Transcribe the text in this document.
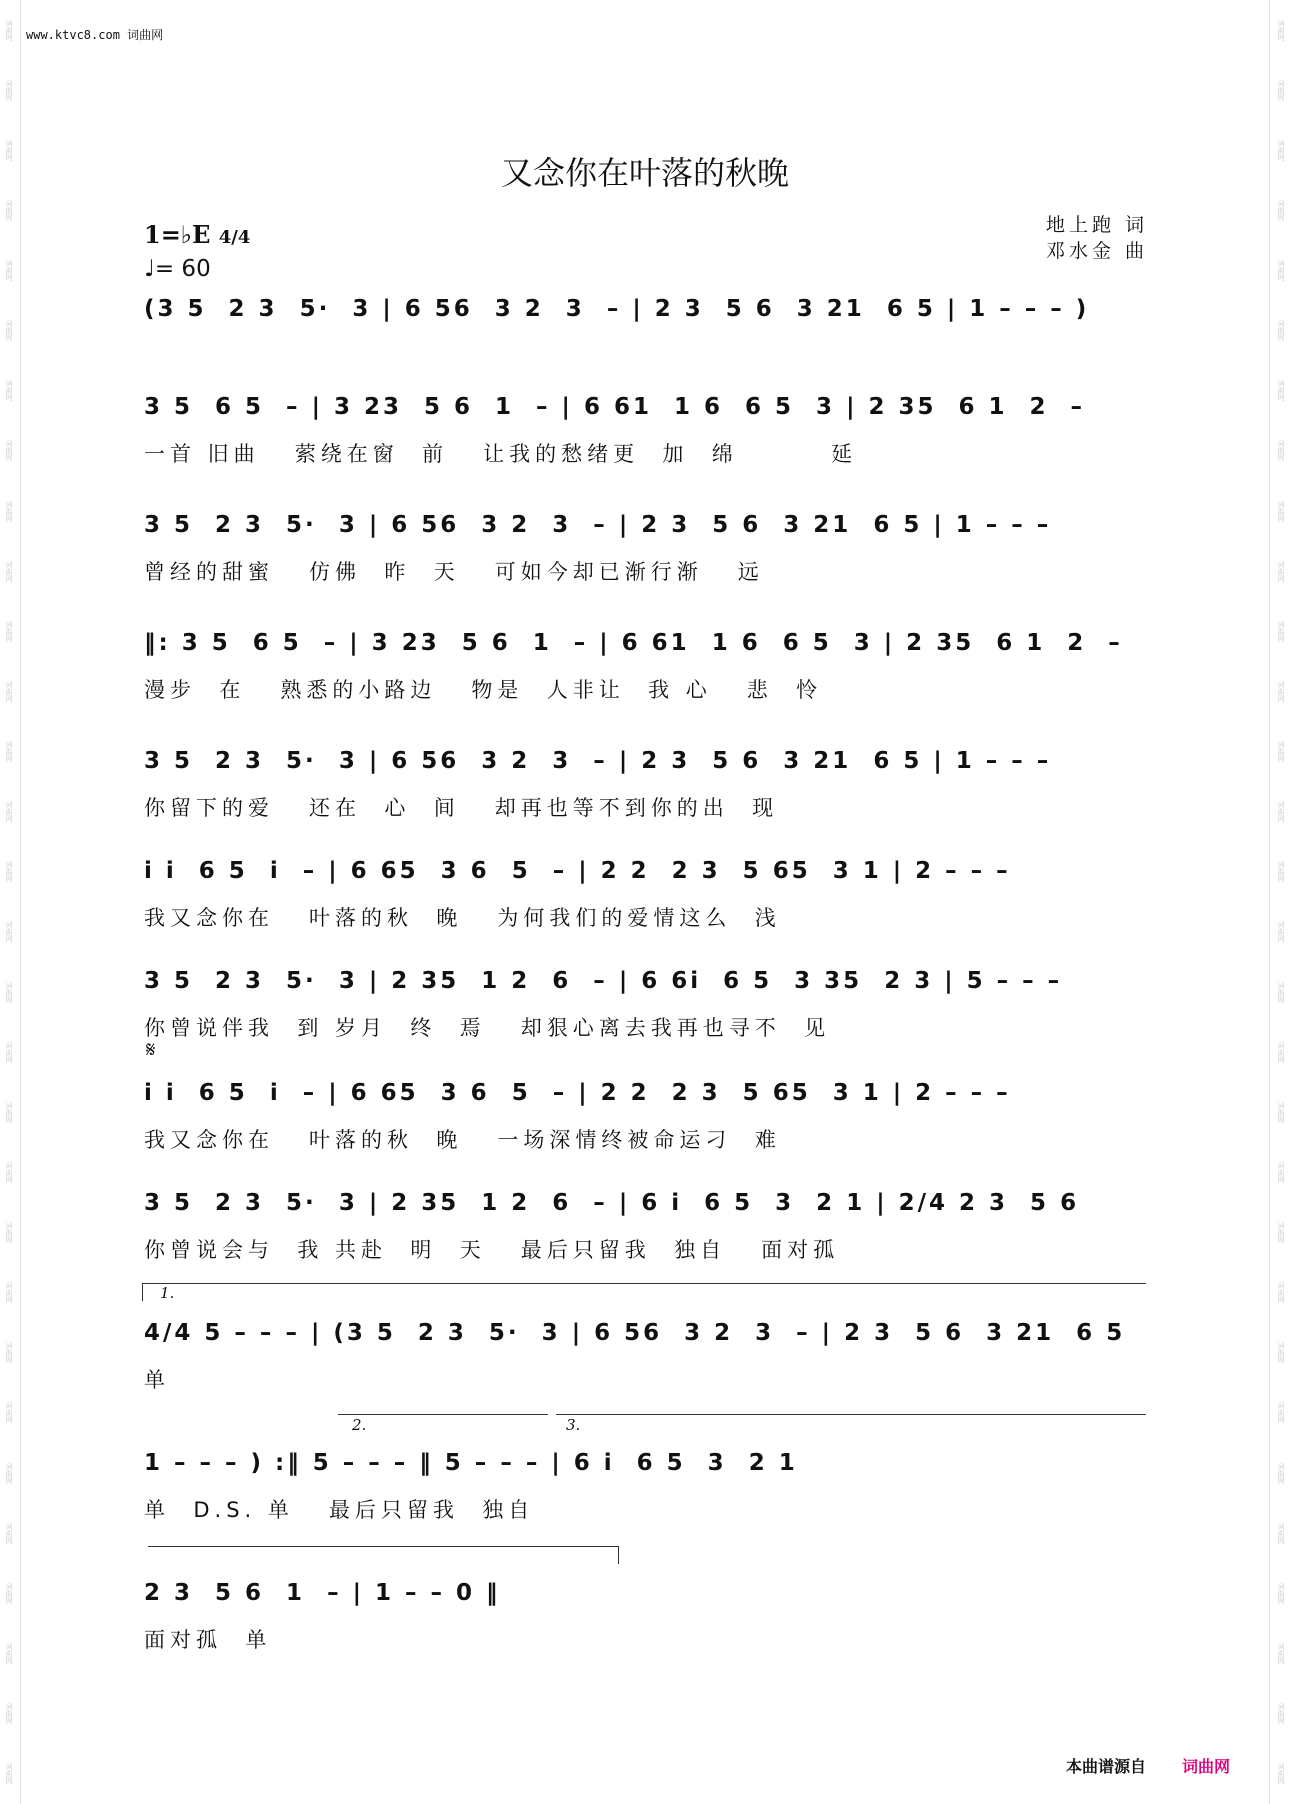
词曲网
词曲网
词曲网
词曲网
词曲网
词曲网
词曲网
词曲网
词曲网
词曲网
词曲网
词曲网
词曲网
词曲网
词曲网
词曲网
词曲网
词曲网
词曲网
词曲网
词曲网
词曲网
词曲网
词曲网
词曲网
词曲网
词曲网
词曲网
词曲网
词曲网
词曲网
词曲网
词曲网
词曲网
词曲网
词曲网
词曲网
词曲网
词曲网
词曲网
词曲网
词曲网
词曲网
词曲网
词曲网
词曲网
词曲网
词曲网
词曲网
词曲网
词曲网
词曲网
词曲网
词曲网
词曲网
词曲网
词曲网
词曲网
词曲网
词曲网
www.ktvc8.com 词曲网
又念你在叶落的秋晚
地上跑 词
邓水金 曲
1=♭E 4/4
♩= 60
𝄋
1.
2.	3.
(3 5  2 3  5·  3 | 6 56  3 2  3  – | 2 3  5 6  3 21  6 5 | 1 – – – )
3 5  6 5  – | 3 23  5 6  1  – | 6 61  1 6  6 5  3 | 2 35  6 1  2  –
一首 旧曲   萦绕在窗  前   让我的愁绪更  加  绵        延
3 5  2 3  5·  3 | 6 56  3 2  3  – | 2 3  5 6  3 21  6 5 | 1 – – –
曾经的甜蜜   仿佛  昨  天   可如今却已渐行渐   远
‖: 3 5  6 5  – | 3 23  5 6  1  – | 6 61  1 6  6 5  3 | 2 35  6 1  2  –
漫步  在   熟悉的小路边   物是  人非让  我 心   悲  怜
3 5  2 3  5·  3 | 6 56  3 2  3  – | 2 3  5 6  3 21  6 5 | 1 – – –
你留下的爱   还在  心  间   却再也等不到你的出  现
i i  6 5  i  – | 6 65  3 6  5  – | 2 2  2 3  5 65  3 1 | 2 – – –
我又念你在   叶落的秋  晚   为何我们的爱情这么  浅
3 5  2 3  5·  3 | 2 35  1 2  6  – | 6 6i  6 5  3 35  2 3 | 5 – – –
你曾说伴我  到 岁月  终  焉   却狠心离去我再也寻不  见
i i  6 5  i  – | 6 65  3 6  5  – | 2 2  2 3  5 65  3 1 | 2 – – –
我又念你在   叶落的秋  晚   一场深情终被命运刁  难
3 5  2 3  5·  3 | 2 35  1 2  6  – | 6 i  6 5  3  2 1 | 2/4 2 3  5 6
你曾说会与  我 共赴  明  天   最后只留我  独自   面对孤
4/4 5 – – – | (3 5  2 3  5·  3 | 6 56  3 2  3  – | 2 3  5 6  3 21  6 5
单
1 – – – ) :‖ 5 – – – ‖ 5 – – – | 6 i  6 5  3  2 1
单  D.S. 单   最后只留我  独自
2 3  5 6  1  – | 1 – – 0 ‖
面对孤  单
本曲谱源自 词曲网
